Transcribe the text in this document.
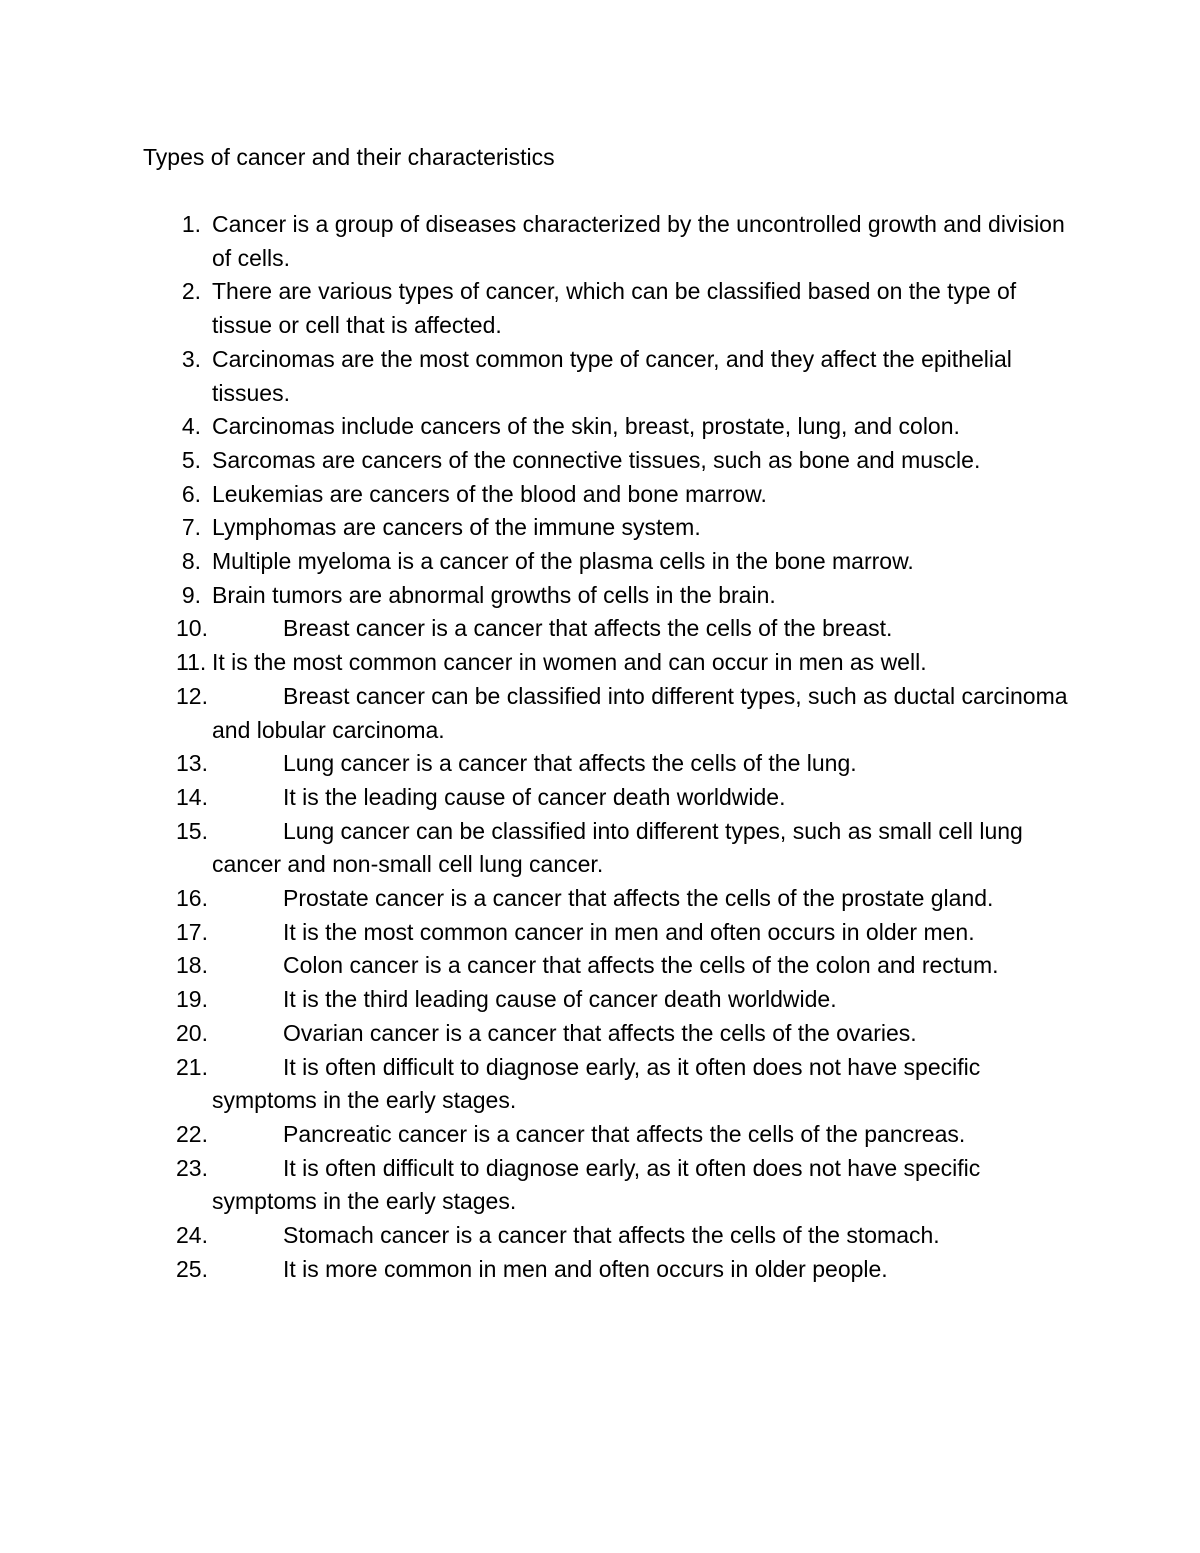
Types of cancer and their characteristics
1. Cancer is a group of diseases characterized by the uncontrolled growth and division of cells.
2. There are various types of cancer, which can be classified based on the type of tissue or cell that is affected.
3. Carcinomas are the most common type of cancer, and they affect the epithelial tissues.
4. Carcinomas include cancers of the skin, breast, prostate, lung, and colon.
5. Sarcomas are cancers of the connective tissues, such as bone and muscle.
6. Leukemias are cancers of the blood and bone marrow.
7. Lymphomas are cancers of the immune system.
8. Multiple myeloma is a cancer of the plasma cells in the bone marrow.
9. Brain tumors are abnormal growths of cells in the brain.
10.	Breast cancer is a cancer that affects the cells of the breast.
11. It is the most common cancer in women and can occur in men as well.
12.	Breast cancer can be classified into different types, such as ductal carcinoma and lobular carcinoma.
13.	Lung cancer is a cancer that affects the cells of the lung.
14.	It is the leading cause of cancer death worldwide.
15.	Lung cancer can be classified into different types, such as small cell lung cancer and non-small cell lung cancer.
16.	Prostate cancer is a cancer that affects the cells of the prostate gland.
17.	It is the most common cancer in men and often occurs in older men.
18.	Colon cancer is a cancer that affects the cells of the colon and rectum.
19.	It is the third leading cause of cancer death worldwide.
20.	Ovarian cancer is a cancer that affects the cells of the ovaries.
21.	It is often difficult to diagnose early, as it often does not have specific symptoms in the early stages.
22.	Pancreatic cancer is a cancer that affects the cells of the pancreas.
23.	It is often difficult to diagnose early, as it often does not have specific symptoms in the early stages.
24.	Stomach cancer is a cancer that affects the cells of the stomach.
25.	It is more common in men and often occurs in older people.
